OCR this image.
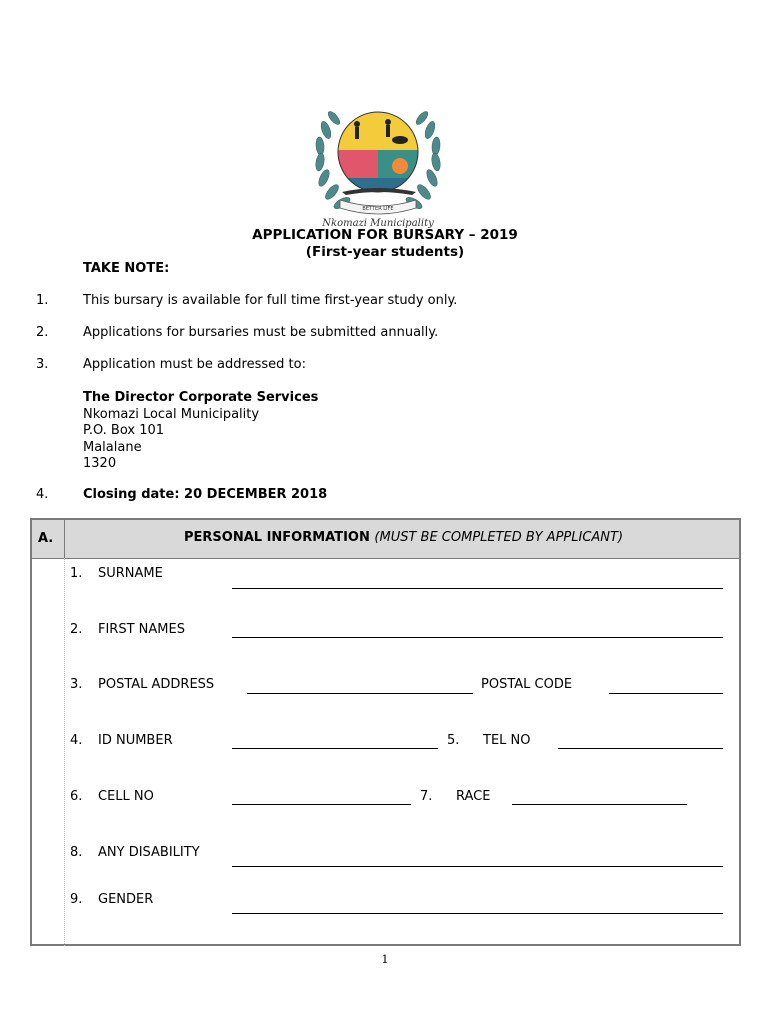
BETTER LIFE
Nkomazi Municipality
APPLICATION FOR BURSARY – 2019
(First-year students)
TAKE NOTE:
1.	This bursary is available for full time first-year study only.
2.	Applications for bursaries must be submitted annually.
3.	Application must be addressed to:
The Director Corporate Services
Nkomazi Local Municipality
P.O. Box 101
Malalane
1320
4.	Closing date: 20 DECEMBER 2018
A.	PERSONAL INFORMATION (MUST BE COMPLETED BY APPLICANT)
1. SURNAME
2. FIRST NAMES
3. POSTAL ADDRESS	POSTAL CODE
4. ID NUMBER	5. TEL NO
6. CELL NO	7. RACE
8. ANY DISABILITY
9. GENDER
1
